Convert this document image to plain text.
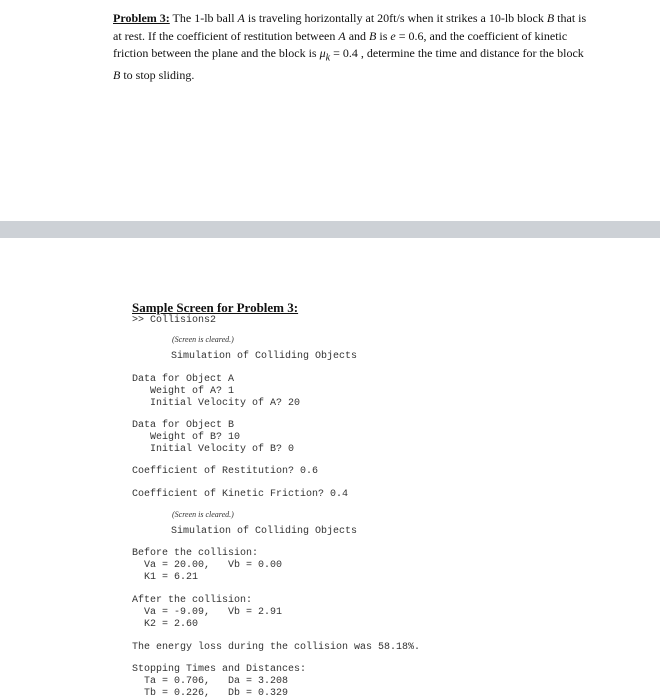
Problem 3: The 1-lb ball A is traveling horizontally at 20ft/s when it strikes a 10-lb block B that is at rest. If the coefficient of restitution between A and B is e = 0.6, and the coefficient of kinetic friction between the plane and the block is $\mu_k = 0.4$ , determine the time and distance for the block B to stop sliding.
Sample Screen for Problem 3:
>> Collisions2
(Screen is cleared.)
Simulation of Colliding Objects
Data for Object A
Weight of A? 1
Initial Velocity of A? 20
Data for Object B
Weight of B? 10
Initial Velocity of B? 0
Coefficient of Restitution? 0.6
Coefficient of Kinetic Friction? 0.4
(Screen is cleared.)
Simulation of Colliding Objects
Before the collision:
Va = 20.00,   Vb = 0.00
K1 = 6.21
After the collision:
Va = -9.09,   Vb = 2.91
K2 = 2.60
The energy loss during the collision was 58.18%.
Stopping Times and Distances:
Ta = 0.706,   Da = 3.208
Tb = 0.226,   Db = 0.329
